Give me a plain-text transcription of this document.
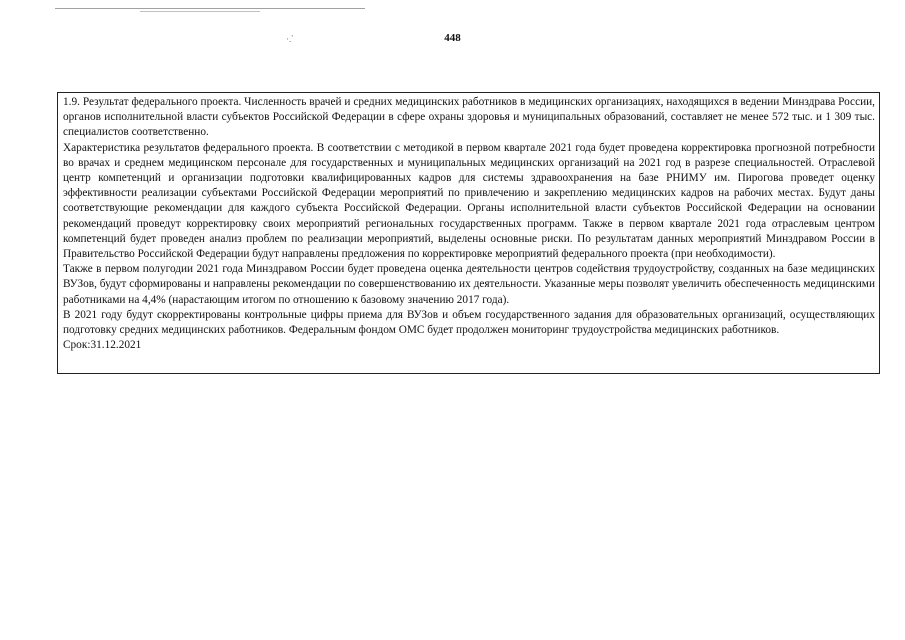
·.‵	448

1.9. Результат федерального проекта. Численность врачей и средних медицинских работников в медицинских организациях, находящихся в ведении Минздрава России, органов исполнительной власти субъектов Российской Федерации в сфере охраны здоровья и муниципальных образований, составляет не менее 572 тыс. и 1 309 тыс. специалистов соответственно.

Характеристика результатов федерального проекта. В соответствии с методикой в первом квартале 2021 года будет проведена корректировка прогнозной потребности во врачах и среднем медицинском персонале для государственных и муниципальных медицинских организаций на 2021 год в разрезе специальностей. Отраслевой центр компетенций и организации подготовки квалифицированных кадров для системы здравоохранения на базе РНИМУ им. Пирогова проведет оценку эффективности реализации субъектами Российской Федерации мероприятий по привлечению и закреплению медицинских кадров на рабочих местах. Будут даны соответствующие рекомендации для каждого субъекта Российской Федерации. Органы исполнительной власти субъектов Российской Федерации на основании рекомендаций проведут корректировку своих мероприятий региональных государственных программ. Также в первом квартале 2021 года отраслевым центром компетенций будет проведен анализ проблем по реализации мероприятий, выделены основные риски. По результатам данных мероприятий Минздравом России в Правительство Российской Федерации будут направлены предложения по корректировке мероприятий федерального проекта (при необходимости).

Также в первом полугодии 2021 года Минздравом России будет проведена оценка деятельности центров содействия трудоустройству, созданных на базе медицинских ВУЗов, будут сформированы и направлены рекомендации по совершенствованию их деятельности. Указанные меры позволят увеличить обеспеченность медицинскими работниками на 4,4% (нарастающим итогом по отношению к базовому значению 2017 года).

В 2021 году будут скорректированы контрольные цифры приема для ВУЗов и объем государственного задания для образовательных организаций, осуществляющих подготовку средних медицинских работников. Федеральным фондом ОМС будет продолжен мониторинг трудоустройства медицинских работников.

Срок:31.12.2021
